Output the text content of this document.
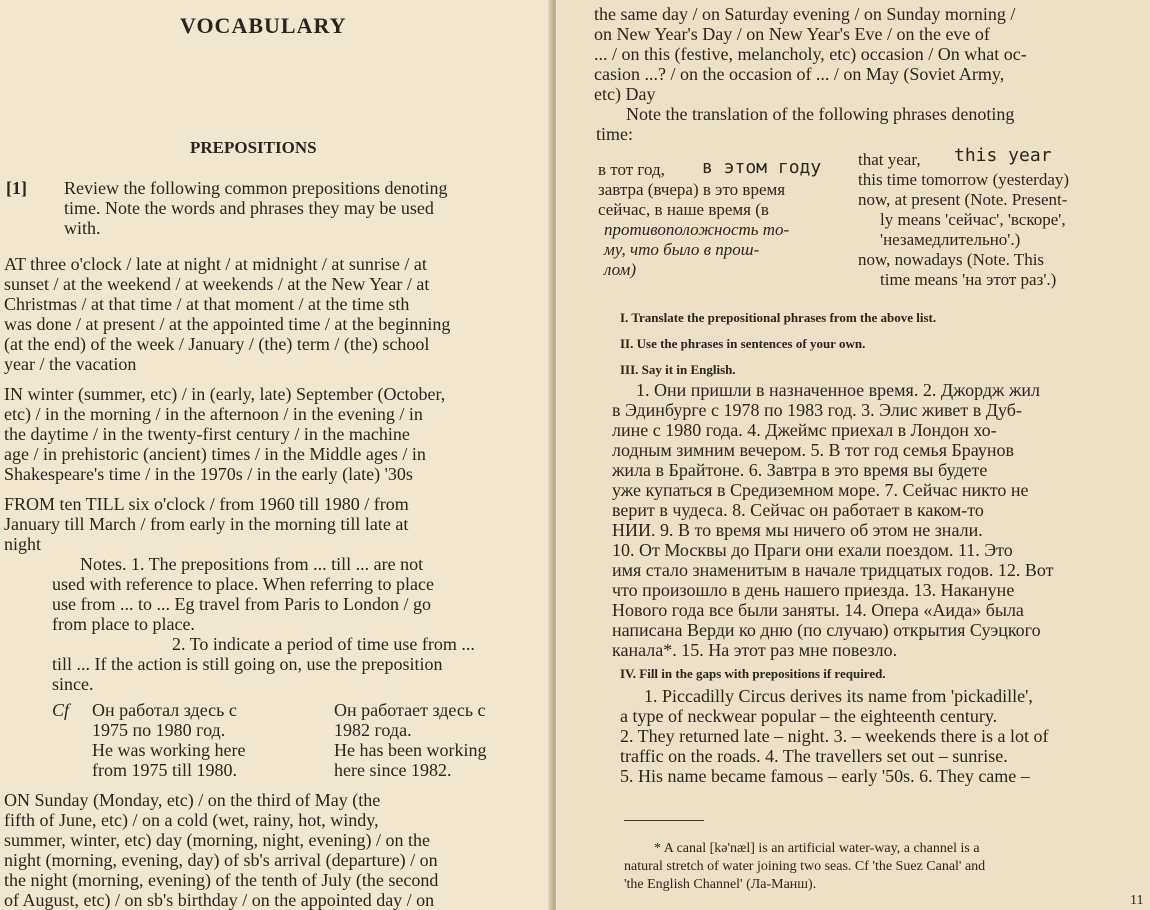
VOCABULARY
PREPOSITIONS
[1] Review the following common prepositions denoting
time. Note the words and phrases they may be used
with.
AT three o'clock / late at night / at midnight / at sunrise / at
sunset / at the weekend / at weekends / at the New Year / at
Christmas / at that time / at that moment / at the time sth
was done / at present / at the appointed time / at the beginning
(at the end) of the week / January / (the) term / (the) school
year / the vacation
IN winter (summer, etc) / in (early, late) September (October,
etc) / in the morning / in the afternoon / in the evening / in
the daytime / in the twenty-first century / in the machine
age / in prehistoric (ancient) times / in the Middle ages / in
Shakespeare's time / in the 1970s / in the early (late) '30s
FROM ten TILL six o'clock / from 1960 till 1980 / from
January till March / from early in the morning till late at
night
Notes. 1. The prepositions from ... till ... are not
used with reference to place. When referring to place
use from ... to ... Eg travel from Paris to London / go
from place to place.
2. To indicate a period of time use from ...
till ... If the action is still going on, use the preposition
since.
Cf Он работал здесь с
1975 по 1980 год.
He was working here
from 1975 till 1980.
Он работает здесь с
1982 года.
He has been working
here since 1982.
ON Sunday (Monday, etc) / on the third of May (the
fifth of June, etc) / on a cold (wet, rainy, hot, windy,
summer, winter, etc) day (morning, night, evening) / on the
night (morning, evening, day) of sb's arrival (departure) / on
the night (morning, evening) of the tenth of July (the second
of August, etc) / on sb's birthday / on the appointed day / on
the same day / on Saturday evening / on Sunday morning /
on New Year's Day / on New Year's Eve / on the eve of
... / on this (festive, melancholy, etc) occasion / On what oc-
casion ...? / on the occasion of ... / on May (Soviet Army,
etc) Day
Note the translation of the following phrases denoting
time:
в тот год, в этом году
завтра (вчера) в это время
сейчас, в наше время (в
противоположность то-
му, что было в прош-
лом)
that year, this year
this time tomorrow (yesterday)
now, at present (Note. Present-
ly means 'сейчас', 'вскоре',
'незамедлительно'.)
now, nowadays (Note. This
time means 'на этот раз'.)
I. Translate the prepositional phrases from the above list.
II. Use the phrases in sentences of your own.
III. Say it in English.
1. Они пришли в назначенное время. 2. Джордж жил
в Эдинбурге с 1978 по 1983 год. 3. Элис живет в Дуб-
лине с 1980 года. 4. Джеймс приехал в Лондон хо-
лодным зимним вечером. 5. В тот год семья Браунов
жила в Брайтоне. 6. Завтра в это время вы будете
уже купаться в Средиземном море. 7. Сейчас никто не
верит в чудеса. 8. Сейчас он работает в каком-то
НИИ. 9. В то время мы ничего об этом не знали.
10. От Москвы до Праги они ехали поездом. 11. Это
имя стало знаменитым в начале тридцатых годов. 12. Вот
что произошло в день нашего приезда. 13. Накануне
Нового года все были заняты. 14. Опера «Аида» была
написана Верди ко дню (по случаю) открытия Суэцкого
канала*. 15. На этот раз мне повезло.
IV. Fill in the gaps with prepositions if required.
1. Piccadilly Circus derives its name from 'pickadille',
a type of neckwear popular – the eighteenth century.
2. They returned late – night. 3. – weekends there is a lot of
traffic on the roads. 4. The travellers set out – sunrise.
5. His name became famous – early '50s. 6. They came –
* A canal [kə'næl] is an artificial water-way, a channel is a
natural stretch of water joining two seas. Cf 'the Suez Canal' and
'the English Channel' (Ла-Манш).
11
